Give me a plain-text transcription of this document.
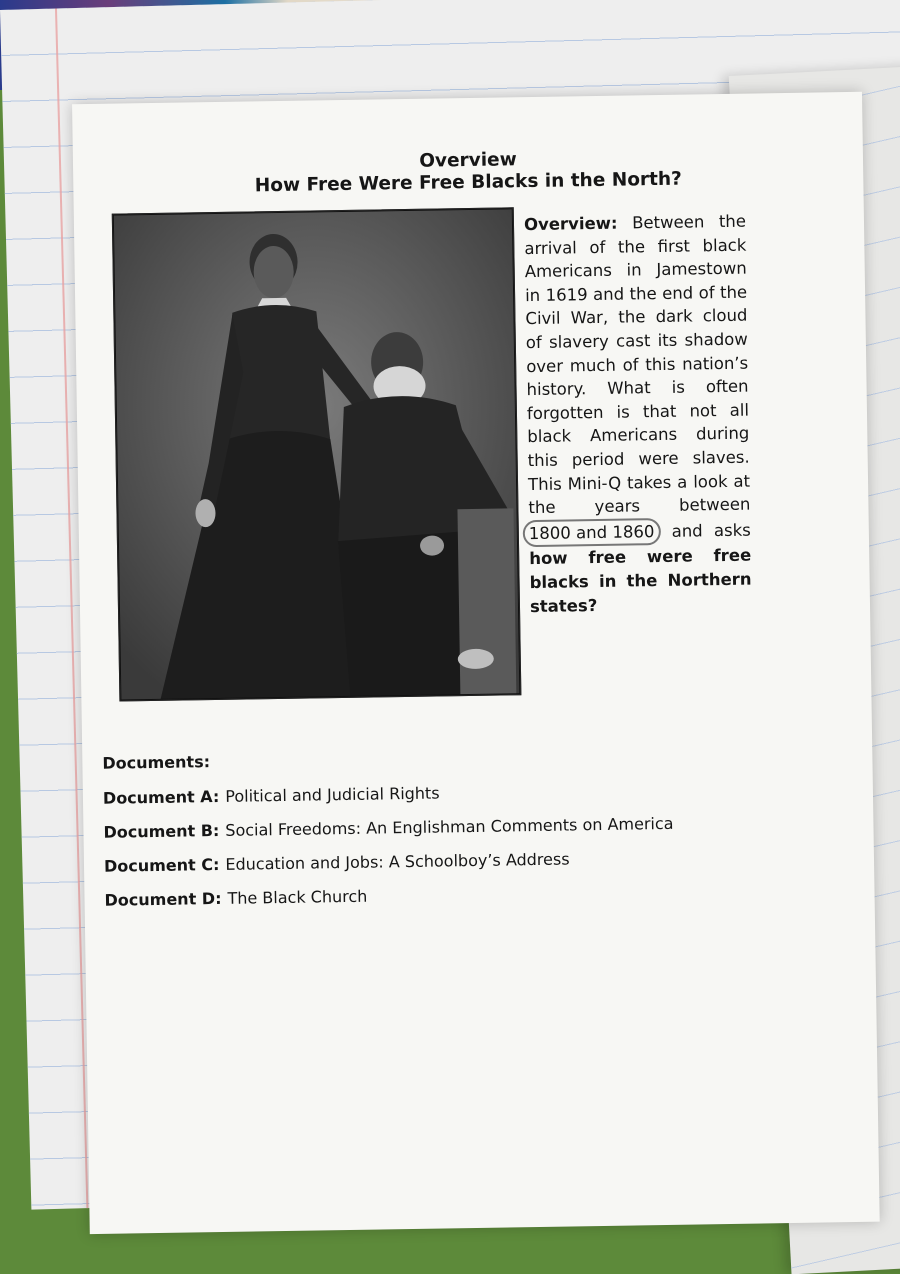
Overview
How Free Were Free Blacks in the North?
Overview: Between the arrival of the first black Americans in Jamestown in 1619 and the end of the Civil War, the dark cloud of slavery cast its shadow over much of this nation’s history. What is often forgotten is that not all black Americans during this period were slaves. This Mini-Q takes a look at the years between 1800 and 1860 and asks how free were free blacks in the Northern states?
Documents:
Document A: Political and Judicial Rights
Document B: Social Freedoms: An Englishman Comments on America
Document C: Education and Jobs: A Schoolboy’s Address
Document D: The Black Church
